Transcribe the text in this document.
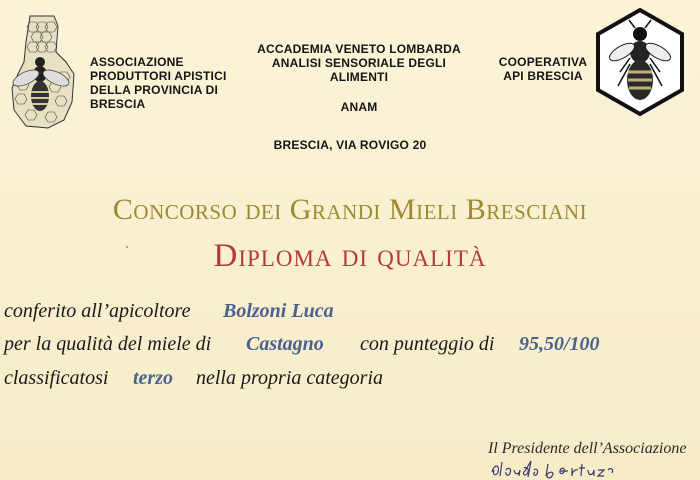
ASSOCIAZIONE
PRODUTTORI APISTICI
DELLA PROVINCIA DI
BRESCIA
ACCADEMIA VENETO LOMBARDA
ANALISI SENSORIALE DEGLI
ALIMENTI
ANAM
COOPERATIVA
API BRESCIA
BRESCIA, VIA ROVIGO 20
Concorso dei Grandi Mieli Bresciani
Diploma di qualità
conferito all’apicoltore Bolzoni Luca
per la qualità del miele di Castagno con punteggio di 95,50/100
classificatosi terzo nella propria categoria
Il Presidente dell’Associazione
